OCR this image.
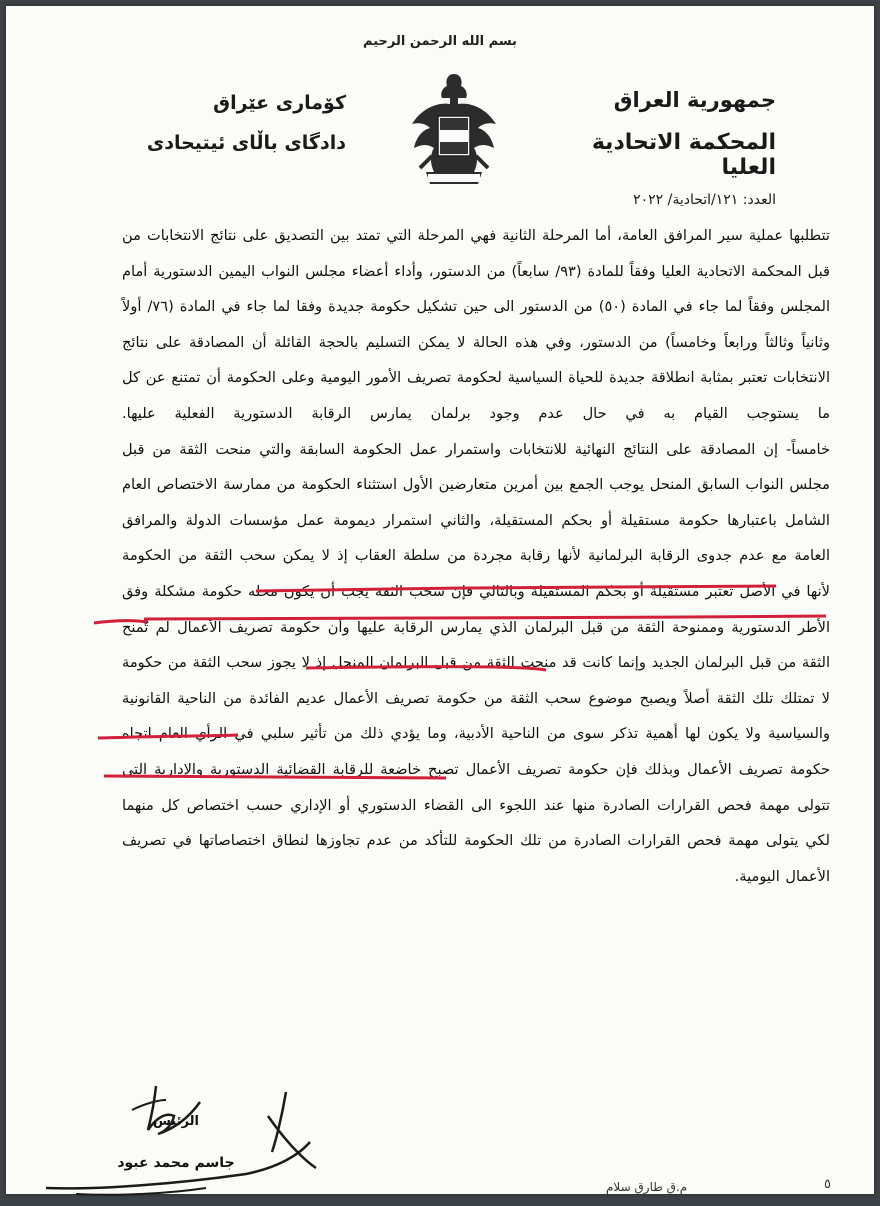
بسم الله الرحمن الرحيم
جمهورية العراق
المحكمة الاتحادية العليا
العدد: ١٢١/اتحادية/ ٢٠٢٢
كۆماری عێراق
دادگای باڵای ئیتیحادی

تتطلبها عملية سير المرافق العامة، أما المرحلة الثانية فهي المرحلة التي تمتد بين التصديق على نتائج الانتخابات من قبل المحكمة الاتحادية العليا وفقاً للمادة (٩٣/ سابعاً) من الدستور، وأداء أعضاء مجلس النواب اليمين الدستورية أمام المجلس وفقاً لما جاء في المادة (٥٠) من الدستور الى حين تشكيل حكومة جديدة وفقا لما جاء في المادة (٧٦/ أولاً وثانياً وثالثاً ورابعاً وخامساً) من الدستور، وفي هذه الحالة لا يمكن التسليم بالحجة القائلة أن المصادقة على نتائج الانتخابات تعتبر بمثابة انطلاقة جديدة للحياة السياسية لحكومة تصريف الأمور اليومية وعلى الحكومة أن تمتنع عن كل ما يستوجب القيام به في حال عدم وجود برلمان يمارس الرقابة الدستورية الفعلية عليها.

خامساً- إن المصادقة على النتائج النهائية للانتخابات واستمرار عمل الحكومة السابقة والتي منحت الثقة من قبل مجلس النواب السابق المنحل يوجب الجمع بين أمرين متعارضين الأول استثناء الحكومة من ممارسة الاختصاص العام الشامل باعتبارها حكومة مستقيلة أو بحكم المستقيلة، والثاني استمرار ديمومة عمل مؤسسات الدولة والمرافق العامة مع عدم جدوى الرقابة البرلمانية لأنها رقابة مجردة من سلطة العقاب إذ لا يمكن سحب الثقة من الحكومة لأنها في الأصل تعتبر مستقيلة أو بحكم المستقيلة وبالتالي فإن سحب الثقة يجب أن يكون محله حكومة مشكلة وفق الأطر الدستورية وممنوحة الثقة من قبل البرلمان الذي يمارس الرقابة عليها وأن حكومة تصريف الأعمال لم تُمنح الثقة من قبل البرلمان الجديد وإنما كانت قد منحت الثقة من قبل البرلمان المنحل إذ لا يجوز سحب الثقة من حكومة لا تمتلك تلك الثقة أصلاً ويصبح موضوع سحب الثقة من حكومة تصريف الأعمال عديم الفائدة من الناحية القانونية والسياسية ولا يكون لها أهمية تذكر سوى من الناحية الأدبية، وما يؤدي ذلك من تأثير سلبي في الرأي العام اتجاه حكومة تصريف الأعمال وبذلك فإن حكومة تصريف الأعمال تصبح خاضعة للرقابة القضائية الدستورية والإدارية التي تتولى مهمة فحص القرارات الصادرة منها عند اللجوء الى القضاء الدستوري أو الإداري حسب اختصاص كل منهما لكي يتولى مهمة فحص القرارات الصادرة من تلك الحكومة للتأكد من عدم تجاوزها لنطاق اختصاصاتها في تصريف الأعمال اليومية.

الرئيس
جاسم محمد عبود
م.ق طارق سلام	٥
